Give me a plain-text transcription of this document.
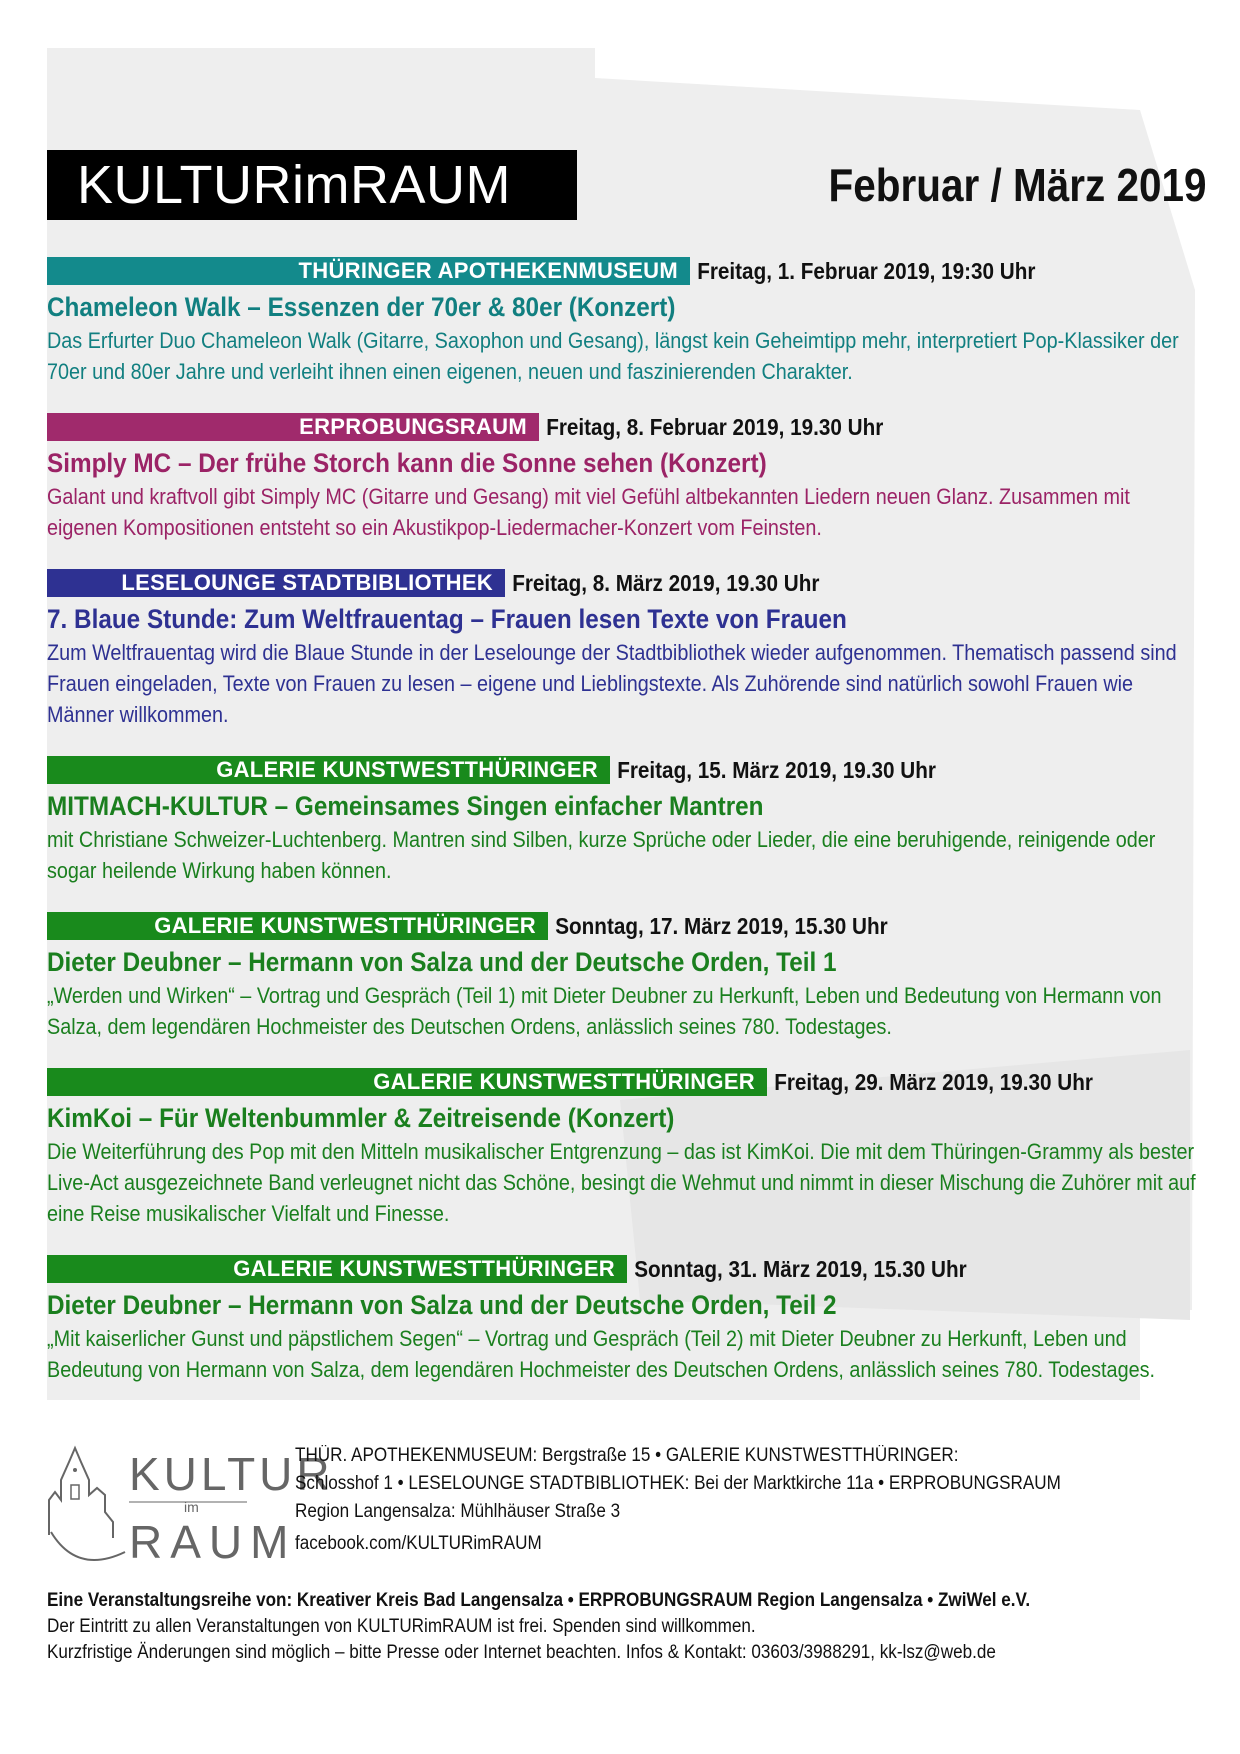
KULTURimRAUM	Februar / März 2019
THÜRINGER APOTHEKENMUSEUM Freitag, 1. Februar 2019, 19:30 Uhr
Chameleon Walk – Essenzen der 70er & 80er (Konzert)
Das Erfurter Duo Chameleon Walk (Gitarre, Saxophon und Gesang), längst kein Geheimtipp mehr, interpretiert Pop-Klassiker der 70er und 80er Jahre und verleiht ihnen einen eigenen, neuen und faszinierenden Charakter.
ERPROBUNGSRAUM Freitag, 8. Februar 2019, 19.30 Uhr
Simply MC – Der frühe Storch kann die Sonne sehen (Konzert)
Galant und kraftvoll gibt Simply MC (Gitarre und Gesang) mit viel Gefühl altbekannten Liedern neuen Glanz. Zusammen mit eigenen Kompositionen entsteht so ein Akustikpop-Liedermacher-Konzert vom Feinsten.
LESELOUNGE STADTBIBLIOTHEK Freitag, 8. März 2019, 19.30 Uhr
7. Blaue Stunde: Zum Weltfrauentag – Frauen lesen Texte von Frauen
Zum Weltfrauentag wird die Blaue Stunde in der Leselounge der Stadtbibliothek wieder aufgenommen. Thematisch passend sind Frauen eingeladen, Texte von Frauen zu lesen – eigene und Lieblingstexte. Als Zuhörende sind natürlich sowohl Frauen wie Männer willkommen.
GALERIE KUNSTWESTTHÜRINGER Freitag, 15. März 2019, 19.30 Uhr
MITMACH-KULTUR – Gemeinsames Singen einfacher Mantren
mit Christiane Schweizer-Luchtenberg. Mantren sind Silben, kurze Sprüche oder Lieder, die eine beruhigende, reinigende oder sogar heilende Wirkung haben können.
GALERIE KUNSTWESTTHÜRINGER Sonntag, 17. März 2019, 15.30 Uhr
Dieter Deubner – Hermann von Salza und der Deutsche Orden, Teil 1
„Werden und Wirken“ – Vortrag und Gespräch (Teil 1) mit Dieter Deubner zu Herkunft, Leben und Bedeutung von Hermann von Salza, dem legendären Hochmeister des Deutschen Ordens, anlässlich seines 780. Todestages.
GALERIE KUNSTWESTTHÜRINGER Freitag, 29. März 2019, 19.30 Uhr
KimKoi – Für Weltenbummler & Zeitreisende (Konzert)
Die Weiterführung des Pop mit den Mitteln musikalischer Entgrenzung – das ist KimKoi. Die mit dem Thüringen-Grammy als bester Live-Act ausgezeichnete Band verleugnet nicht das Schöne, besingt die Wehmut und nimmt in dieser Mischung die Zuhörer mit auf eine Reise musikalischer Vielfalt und Finesse.
GALERIE KUNSTWESTTHÜRINGER Sonntag, 31. März 2019, 15.30 Uhr
Dieter Deubner – Hermann von Salza und der Deutsche Orden, Teil 2
„Mit kaiserlicher Gunst und päpstlichem Segen“ – Vortrag und Gespräch (Teil 2) mit Dieter Deubner zu Herkunft, Leben und Bedeutung von Hermann von Salza, dem legendären Hochmeister des Deutschen Ordens, anlässlich seines 780. Todestages.
KULTUR
im
RAUM
THÜR. APOTHEKENMUSEUM: Bergstraße 15 • GALERIE KUNSTWESTTHÜRINGER:
Schlosshof 1 • LESELOUNGE STADTBIBLIOTHEK: Bei der Marktkirche 11a • ERPROBUNGSRAUM
Region Langensalza: Mühlhäuser Straße 3
facebook.com/KULTURimRAUM
Eine Veranstaltungsreihe von: Kreativer Kreis Bad Langensalza • ERPROBUNGSRAUM Region Langensalza • ZwiWel e.V.
Der Eintritt zu allen Veranstaltungen von KULTURimRAUM ist frei. Spenden sind willkommen.
Kurzfristige Änderungen sind möglich – bitte Presse oder Internet beachten. Infos & Kontakt: 03603/3988291, kk-lsz@web.de
